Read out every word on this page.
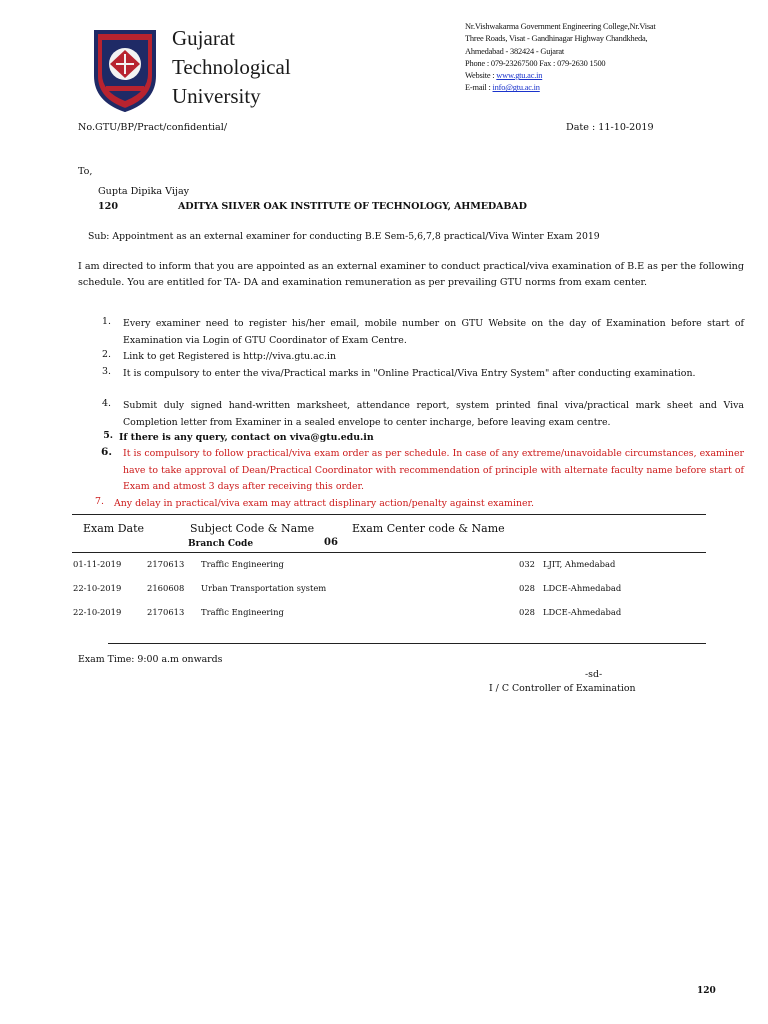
Gujarat
Technological
University
Nr.Vishwakarma Government Engineering College,Nr.Visat
Three Roads, Visat - Gandhinagar Highway Chandkheda,
Ahmedabad - 382424 - Gujarat
Phone : 079-23267500 Fax : 079-2630 1500
Website : www.gtu.ac.in
E-mail : info@gtu.ac.in
No.GTU/BP/Pract/confidential/	Date : 11-10-2019
To,
Gupta Dipika Vijay
120	ADITYA SILVER OAK INSTITUTE OF TECHNOLOGY, AHMEDABAD
Sub: Appointment as an external examiner for conducting B.E Sem-5,6,7,8 practical/Viva Winter Exam 2019
I am directed to inform that you are appointed as an external examiner to conduct practical/viva examination of B.E as per the following schedule. You are entitled for TA- DA and examination remuneration as per prevailing GTU norms from exam center.
1. Every examiner need to register his/her email, mobile number on GTU Website on the day of Examination before start of Examination via Login of GTU Coordinator of Exam Centre.
2. Link to get Registered is http://viva.gtu.ac.in
3. It is compulsory to enter the viva/Practical marks in "Online Practical/Viva Entry System" after conducting examination.
4. Submit duly signed hand-written marksheet, attendance report, system printed final viva/practical mark sheet and Viva Completion letter from Examiner in a sealed envelope to center incharge, before leaving exam centre.
5. If there is any query, contact on viva@gtu.edu.in
6. It is compulsory to follow practical/viva exam order as per schedule. In case of any extreme/unavoidable circumstances, examiner have to take approval of Dean/Practical Coordinator with recommendation of principle with alternate faculty name before start of Exam and atmost 3 days after receiving this order.
7. Any delay in practical/viva exam may attract displinary action/penalty against examiner.
Exam Date	Subject Code & Name	Exam Center code & Name
Branch Code	06
01-11-2019	2170613 Traffic Engineering	032 LJIT, Ahmedabad
22-10-2019	2160608 Urban Transportation system	028 LDCE-Ahmedabad
22-10-2019	2170613 Traffic Engineering	028 LDCE-Ahmedabad
Exam Time: 9:00 a.m onwards
-sd-
I / C Controller of Examination
120
